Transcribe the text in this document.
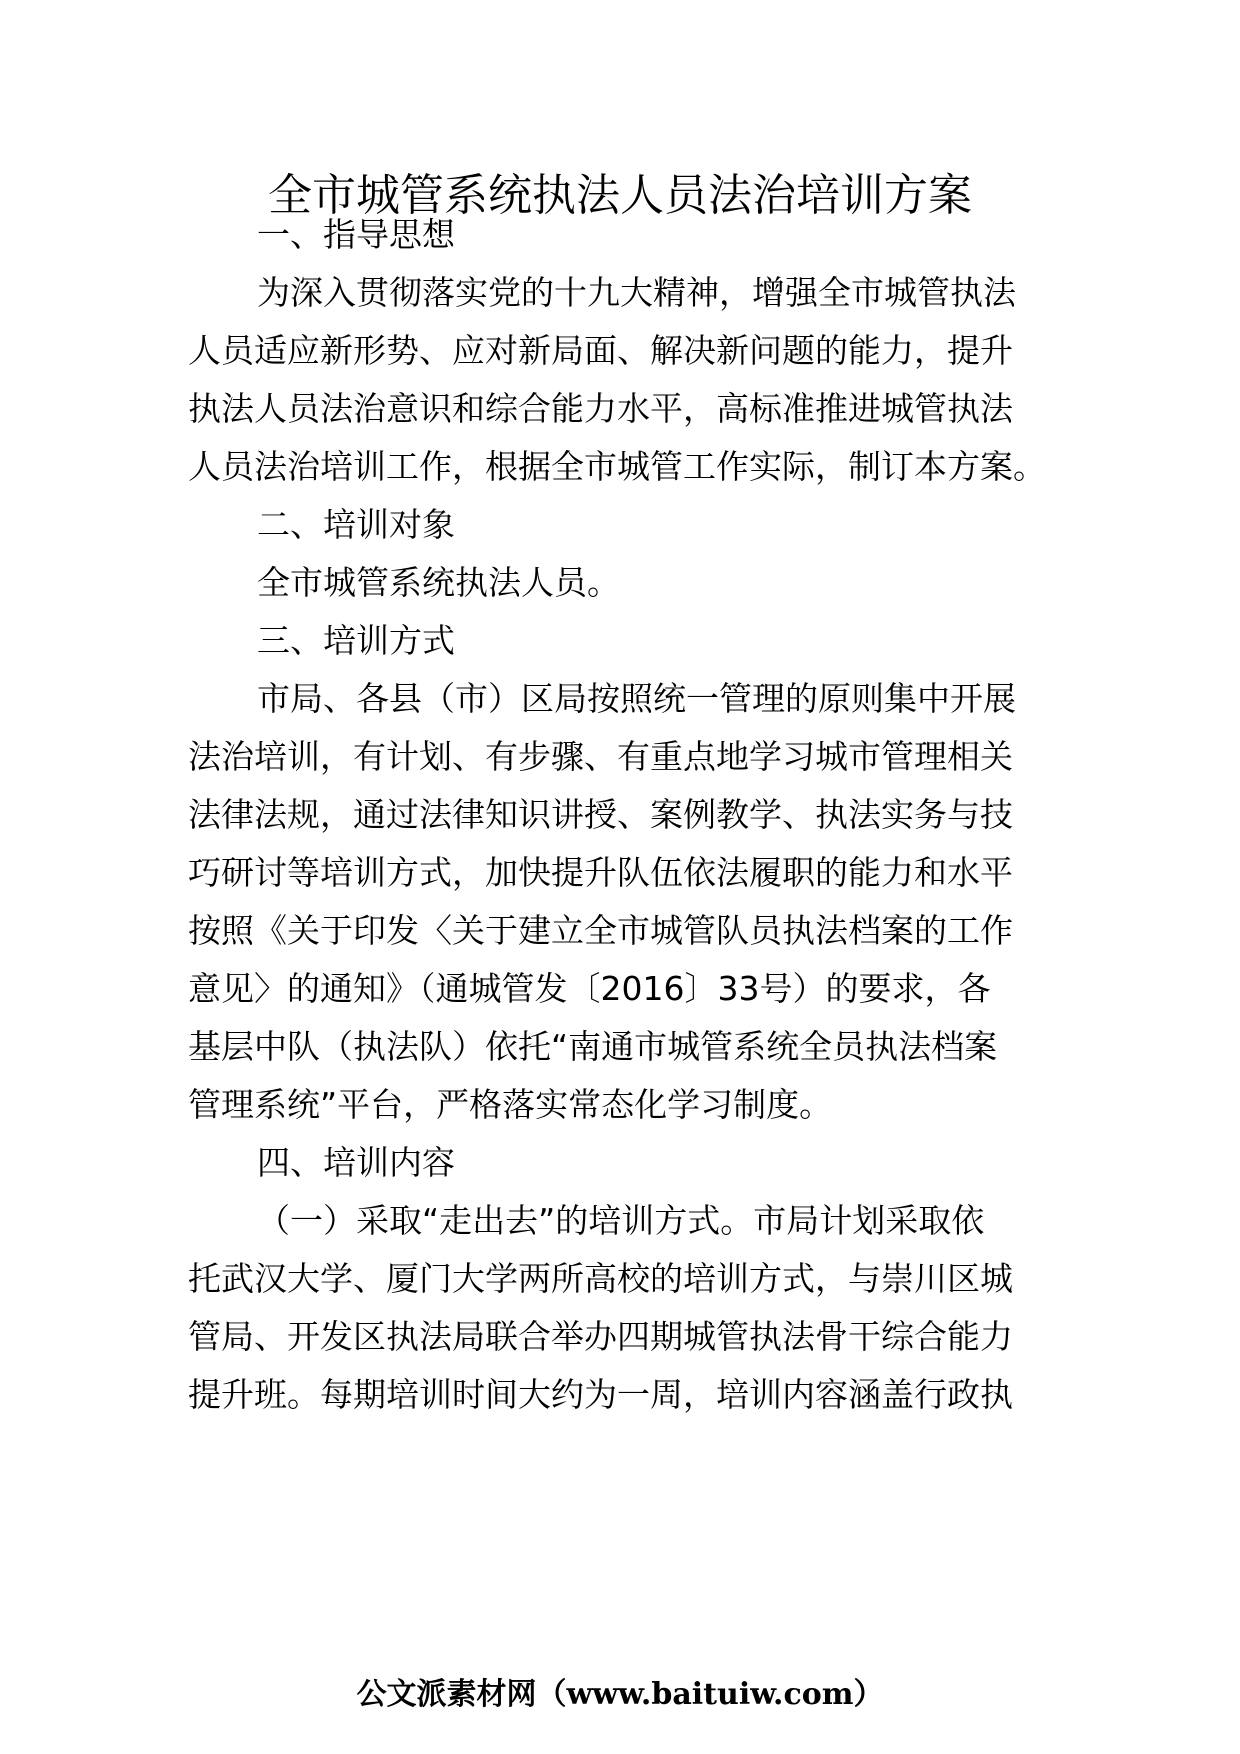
全市城管系统执法人员法治培训方案
一、指导思想
为深入贯彻落实党的十九大精神，增强全市城管执法
人员适应新形势、应对新局面、解决新问题的能力，提升
执法人员法治意识和综合能力水平，高标准推进城管执法
人员法治培训工作，根据全市城管工作实际，制订本方案。
二、培训对象
全市城管系统执法人员。
三、培训方式
市局、各县（市）区局按照统一管理的原则集中开展
法治培训，有计划、有步骤、有重点地学习城市管理相关
法律法规，通过法律知识讲授、案例教学、执法实务与技
巧研讨等培训方式，加快提升队伍依法履职的能力和水平
按照《关于印发〈关于建立全市城管队员执法档案的工作
意见〉的通知》（通城管发〔2016〕33号）的要求，各
基层中队（执法队）依托“南通市城管系统全员执法档案
管理系统”平台，严格落实常态化学习制度。
四、培训内容
（一）采取“走出去”的培训方式。市局计划采取依
托武汉大学、厦门大学两所高校的培训方式，与崇川区城
管局、开发区执法局联合举办四期城管执法骨干综合能力
提升班。每期培训时间大约为一周，培训内容涵盖行政执
公文派素材网（www.baituiw.com）
